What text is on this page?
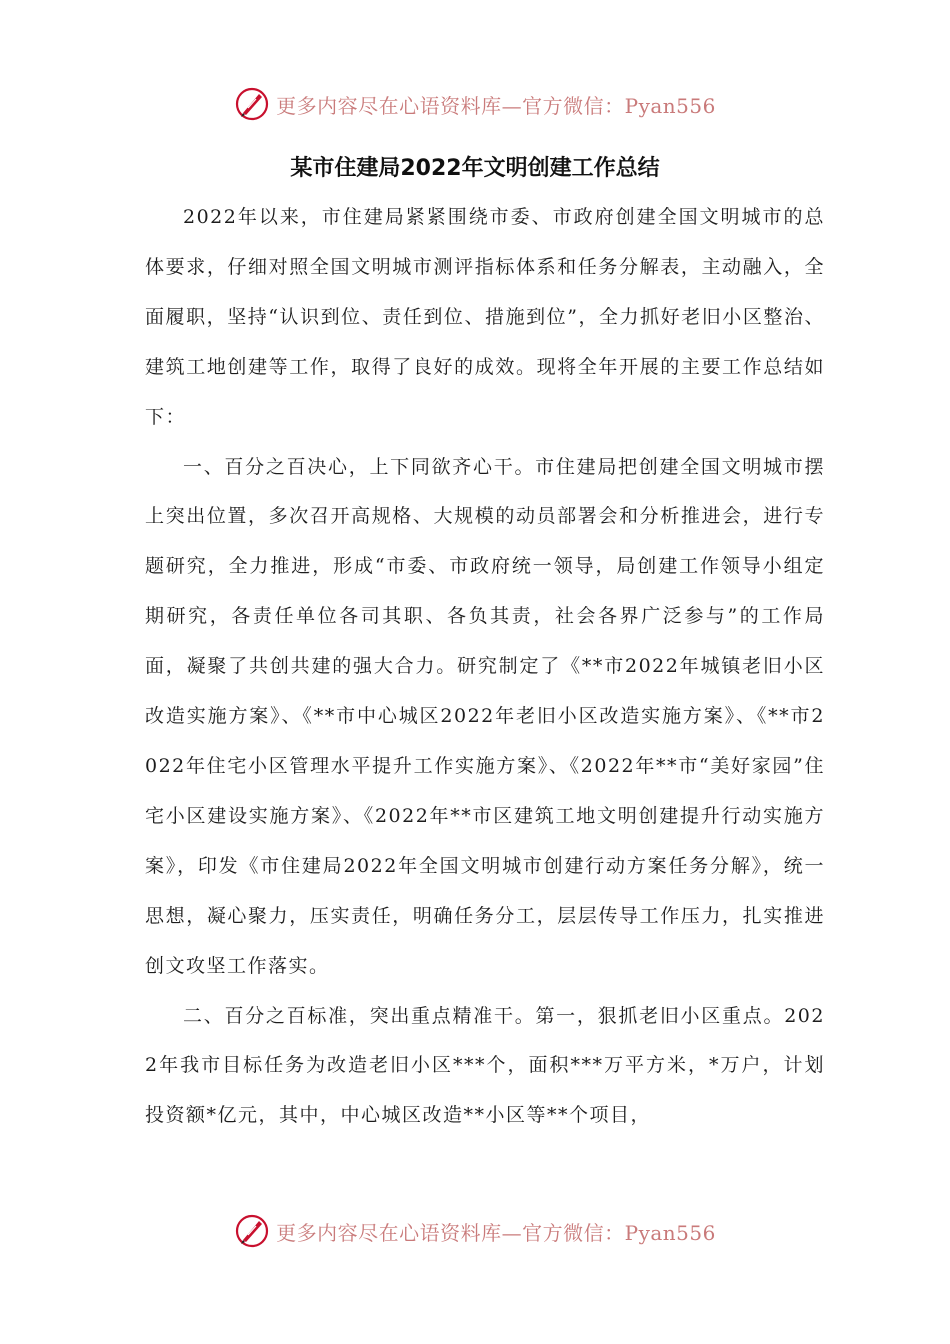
更多内容尽在心语资料库—官方微信：Pyan556
某市住建局2022年文明创建工作总结

2022年以来，市住建局紧紧围绕市委、市政府创建全国文明城市的总体要求，仔细对照全国文明城市测评指标体系和任务分解表，主动融入，全面履职，坚持“认识到位、责任到位、措施到位”，全力抓好老旧小区整治、建筑工地创建等工作，取得了良好的成效。现将全年开展的主要工作总结如下：

一、百分之百决心，上下同欲齐心干。市住建局把创建全国文明城市摆上突出位置，多次召开高规格、大规模的动员部署会和分析推进会，进行专题研究，全力推进，形成“市委、市政府统一领导，局创建工作领导小组定期研究，各责任单位各司其职、各负其责，社会各界广泛参与”的工作局面，凝聚了共创共建的强大合力。研究制定了《**市2022年城镇老旧小区改造实施方案》、《**市中心城区2022年老旧小区改造实施方案》、《**市2022年住宅小区管理水平提升工作实施方案》、《2022年**市“美好家园”住宅小区建设实施方案》、《2022年**市区建筑工地文明创建提升行动实施方案》，印发《市住建局2022年全国文明城市创建行动方案任务分解》，统一思想，凝心聚力，压实责任，明确任务分工，层层传导工作压力，扎实推进创文攻坚工作落实。

二、百分之百标准，突出重点精准干。第一，狠抓老旧小区重点。2022年我市目标任务为改造老旧小区***个，面积***万平方米，*万户，计划投资额*亿元，其中，中心城区改造**小区等**个项目，

更多内容尽在心语资料库—官方微信：Pyan556
